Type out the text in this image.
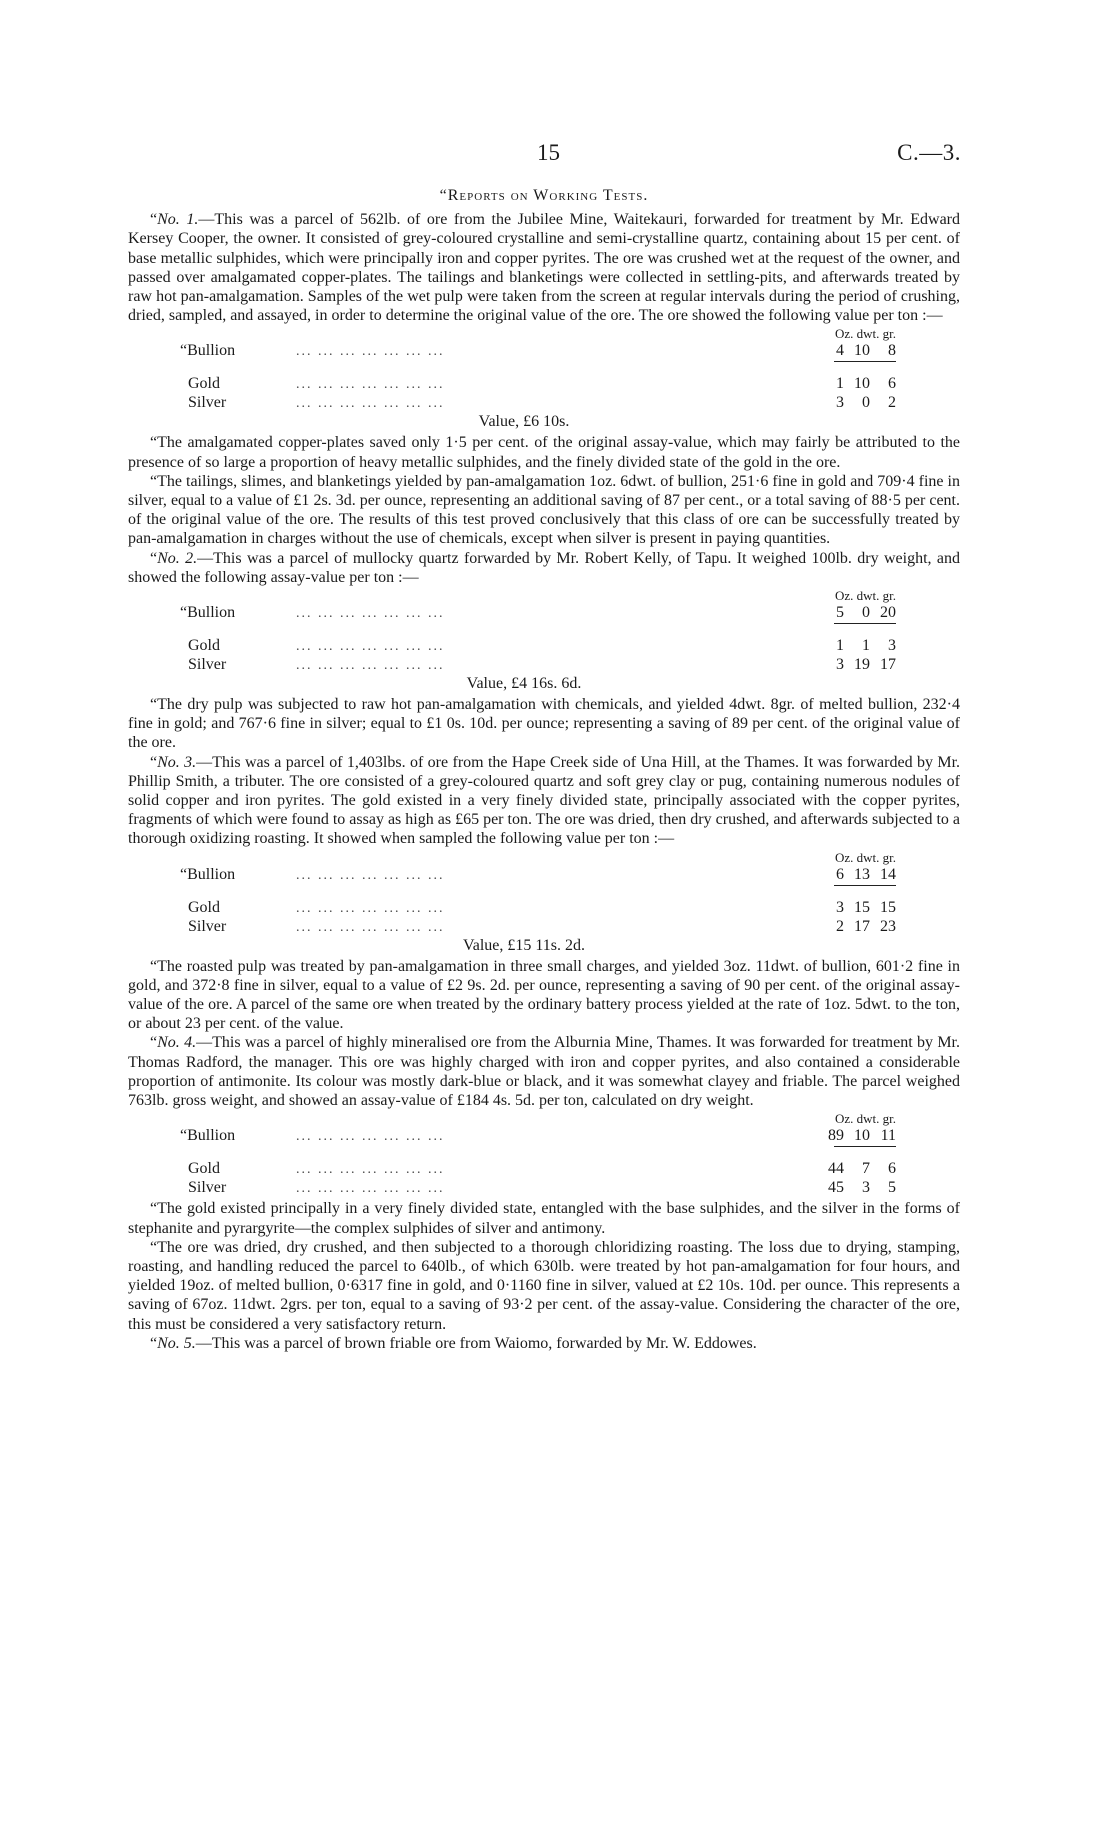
15	C.—3.
“Reports on Working Tests.

“No. 1.—This was a parcel of 562lb. of ore from the Jubilee Mine, Waitekauri, forwarded for treatment by Mr. Edward Kersey Cooper, the owner. It consisted of grey-coloured crystalline and semi-crystalline quartz, containing about 15 per cent. of base metallic sulphides, which were principally iron and copper pyrites. The ore was crushed wet at the request of the owner, and passed over amalgamated copper-plates. The tailings and blanketings were collected in settling-pits, and afterwards treated by raw hot pan-amalgamation. Samples of the wet pulp were taken from the screen at regular intervals during the period of crushing, dried, sampled, and assayed, in order to determine the original value of the ore. The ore showed the following value per ton :—

Oz. dwt. gr.
“Bullion	... ... ... ... ... ... ...	4 10	8
Gold	... ... ... ... ... ... ...	1 10	6
Silver	... ... ... ... ... ... ...	3	0	2
Value, £6 10s.

“The amalgamated copper-plates saved only 1·5 per cent. of the original assay-value, which may fairly be attributed to the presence of so large a proportion of heavy metallic sulphides, and the finely divided state of the gold in the ore.

“The tailings, slimes, and blanketings yielded by pan-amalgamation 1oz. 6dwt. of bullion, 251·6 fine in gold and 709·4 fine in silver, equal to a value of £1 2s. 3d. per ounce, representing an additional saving of 87 per cent., or a total saving of 88·5 per cent. of the original value of the ore. The results of this test proved conclusively that this class of ore can be successfully treated by pan-amalgamation in charges without the use of chemicals, except when silver is present in paying quantities.

“No. 2.—This was a parcel of mullocky quartz forwarded by Mr. Robert Kelly, of Tapu. It weighed 100lb. dry weight, and showed the following assay-value per ton :—

Oz. dwt. gr.
“Bullion	... ... ... ... ... ... ...	5	0 20
Gold	... ... ... ... ... ... ...	1	1	3
Silver	... ... ... ... ... ... ...	3 19 17
Value, £4 16s. 6d.

“The dry pulp was subjected to raw hot pan-amalgamation with chemicals, and yielded 4dwt. 8gr. of melted bullion, 232·4 fine in gold; and 767·6 fine in silver; equal to £1 0s. 10d. per ounce; representing a saving of 89 per cent. of the original value of the ore.

“No. 3.—This was a parcel of 1,403lbs. of ore from the Hape Creek side of Una Hill, at the Thames. It was forwarded by Mr. Phillip Smith, a tributer. The ore consisted of a grey-coloured quartz and soft grey clay or pug, containing numerous nodules of solid copper and iron pyrites. The gold existed in a very finely divided state, principally associated with the copper pyrites, fragments of which were found to assay as high as £65 per ton. The ore was dried, then dry crushed, and afterwards subjected to a thorough oxidizing roasting. It showed when sampled the following value per ton :—

Oz. dwt. gr.
“Bullion	... ... ... ... ... ... ...	6 13 14
Gold	... ... ... ... ... ... ...	3 15 15
Silver	... ... ... ... ... ... ...	2 17 23
Value, £15 11s. 2d.

“The roasted pulp was treated by pan-amalgamation in three small charges, and yielded 3oz. 11dwt. of bullion, 601·2 fine in gold, and 372·8 fine in silver, equal to a value of £2 9s. 2d. per ounce, representing a saving of 90 per cent. of the original assay-value of the ore. A parcel of the same ore when treated by the ordinary battery process yielded at the rate of 1oz. 5dwt. to the ton, or about 23 per cent. of the value.

“No. 4.—This was a parcel of highly mineralised ore from the Alburnia Mine, Thames. It was forwarded for treatment by Mr. Thomas Radford, the manager. This ore was highly charged with iron and copper pyrites, and also contained a considerable proportion of antimonite. Its colour was mostly dark-blue or black, and it was somewhat clayey and friable. The parcel weighed 763lb. gross weight, and showed an assay-value of £184 4s. 5d. per ton, calculated on dry weight.

Oz. dwt. gr.
“Bullion	... ... ... ... ... ... ...	89 10 11
Gold	... ... ... ... ... ... ...	44	7	6
Silver	... ... ... ... ... ... ...	45	3	5

“The gold existed principally in a very finely divided state, entangled with the base sulphides, and the silver in the forms of stephanite and pyrargyrite—the complex sulphides of silver and antimony.

“The ore was dried, dry crushed, and then subjected to a thorough chloridizing roasting. The loss due to drying, stamping, roasting, and handling reduced the parcel to 640lb., of which 630lb. were treated by hot pan-amalgamation for four hours, and yielded 19oz. of melted bullion, 0·6317 fine in gold, and 0·1160 fine in silver, valued at £2 10s. 10d. per ounce. This represents a saving of 67oz. 11dwt. 2grs. per ton, equal to a saving of 93·2 per cent. of the assay-value. Considering the character of the ore, this must be considered a very satisfactory return.

“No. 5.—This was a parcel of brown friable ore from Waiomo, forwarded by Mr. W. Eddowes.
